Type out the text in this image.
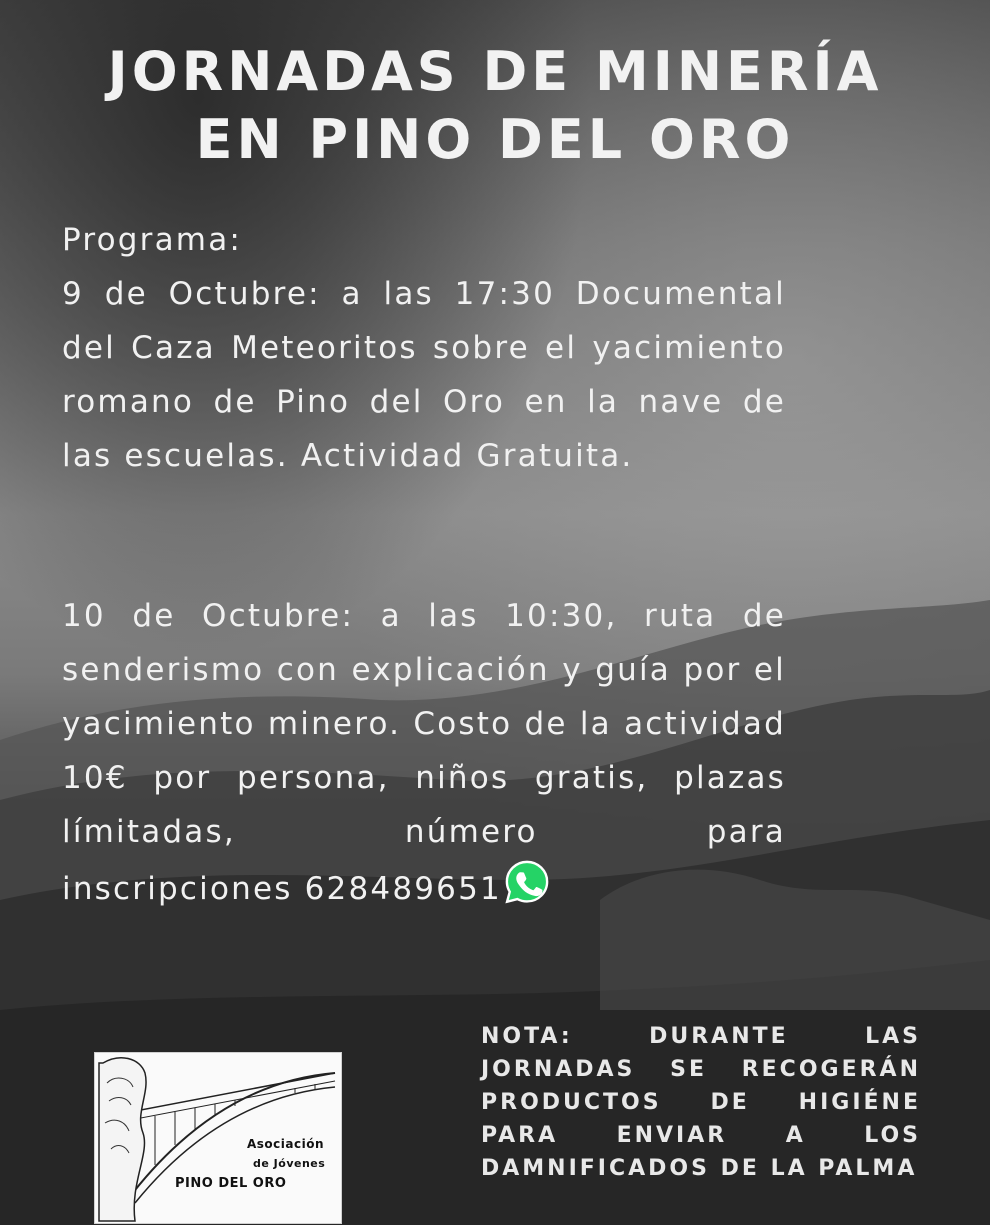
JORNADAS DE MINERÍA
EN PINO DEL ORO
Programa:
9 de Octubre: a las 17:30 Documental del Caza Meteoritos sobre el yacimiento romano de Pino del Oro en la nave de las escuelas. Actividad Gratuita.
10 de Octubre: a las 10:30, ruta de senderismo con explicación y guía por el yacimiento minero. Costo de la actividad 10€ por persona, niños gratis, plazas límitadas, número para inscripciones 628489651
NOTA: DURANTE LAS JORNADAS SE RECOGERÁN PRODUCTOS DE HIGIÉNE PARA ENVIAR A LOS
DAMNIFICADOS DE LA PALMA
Asociación
de Jóvenes
PINO DEL ORO
